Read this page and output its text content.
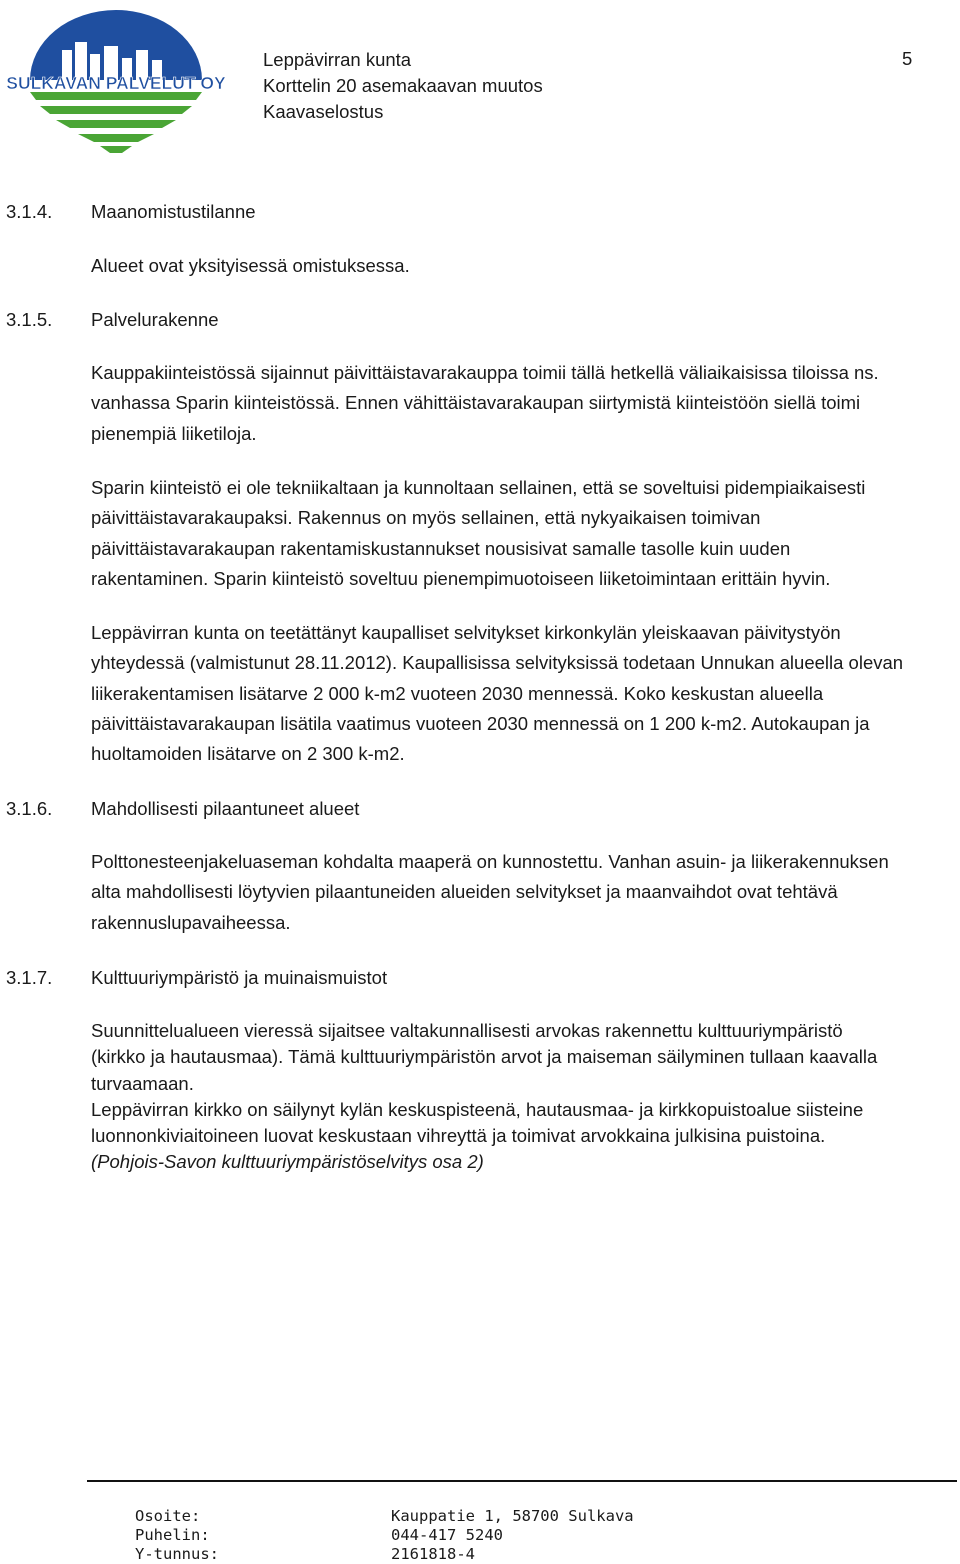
SULKAVAN PALVELUT OY
Leppävirran kunta
Korttelin 20 asemakaavan muutos
Kaavaselostus
5
3.1.4. Maanomistustilanne
Alueet ovat yksityisessä omistuksessa.
3.1.5. Palvelurakenne
Kauppakiinteistössä sijainnut päivittäistavarakauppa toimii tällä hetkellä väliaikaisissa tiloissa ns.
vanhassa Sparin kiinteistössä. Ennen vähittäistavarakaupan siirtymistä kiinteistöön siellä toimi
pienempiä liiketiloja.
Sparin kiinteistö ei ole tekniikaltaan ja kunnoltaan sellainen, että se soveltuisi pidempiaikaisesti
päivittäistavarakaupaksi. Rakennus on myös sellainen, että nykyaikaisen toimivan
päivittäistavarakaupan rakentamiskustannukset nousisivat samalle tasolle kuin uuden
rakentaminen. Sparin kiinteistö soveltuu pienempimuotoiseen liiketoimintaan erittäin hyvin.
Leppävirran kunta on teetättänyt kaupalliset selvitykset kirkonkylän yleiskaavan päivitystyön
yhteydessä (valmistunut 28.11.2012). Kaupallisissa selvityksissä todetaan Unnukan alueella olevan
liikerakentamisen lisätarve 2 000 k-m2 vuoteen 2030 mennessä. Koko keskustan alueella
päivittäistavarakaupan lisätila vaatimus vuoteen 2030 mennessä on 1 200 k-m2. Autokaupan ja
huoltamoiden lisätarve on 2 300 k-m2.
3.1.6. Mahdollisesti pilaantuneet alueet
Polttonesteenjakeluaseman kohdalta maaperä on kunnostettu. Vanhan asuin- ja liikerakennuksen
alta mahdollisesti löytyvien pilaantuneiden alueiden selvitykset ja maanvaihdot ovat tehtävä
rakennuslupavaiheessa.
3.1.7. Kulttuuriympäristö ja muinaismuistot
Suunnittelualueen vieressä sijaitsee valtakunnallisesti arvokas rakennettu kulttuuriympäristö
(kirkko ja hautausmaa). Tämä kulttuuriympäristön arvot ja maiseman säilyminen tullaan kaavalla
turvaamaan.
Leppävirran kirkko on säilynyt kylän keskuspisteenä, hautausmaa- ja kirkkopuistoalue siisteine
luonnonkiviaitoineen luovat keskustaan vihreyttä ja toimivat arvokkaina julkisina puistoina.
(Pohjois-Savon kulttuuriympäristöselvitys osa 2)
Osoite:	Kauppatie 1, 58700 Sulkava
Puhelin:	044-417 5240
Y-tunnus:	2161818-4
